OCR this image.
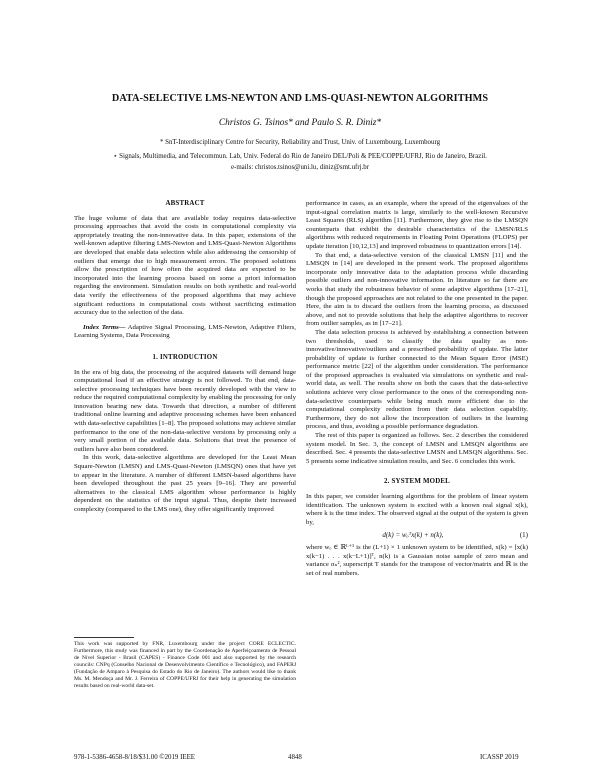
DATA-SELECTIVE LMS-NEWTON AND LMS-QUASI-NEWTON ALGORITHMS
Christos G. Tsinos* and Paulo S. R. Diniz*
* SnT-Interdisciplinary Centre for Security, Reliability and Trust, Univ. of Luxembourg, Luxembourg
⋆ Signals, Multimedia, and Telecommun. Lab, Univ. Federal do Rio de Janeiro DEL/Poli & PEE/COPPE/UFRJ, Rio de Janeiro, Brazil.
e-mails: christos.tsinos@uni.lu, diniz@smt.ufrj.br
ABSTRACT

The huge volume of data that are available today requires data-selective processing approaches that avoid the costs in computational complexity via appropriately treating the non-innovative data. In this paper, extensions of the well-known adaptive filtering LMS-Newton and LMS-Quasi-Newton Algorithms are developed that enable data selection while also addressing the censorship of outliers that emerge due to high measurement errors. The proposed solutions allow the prescription of how often the acquired data are expected to be incorporated into the learning process based on some a priori information regarding the environment. Simulation results on both synthetic and real-world data verify the effectiveness of the proposed algorithms that may achieve significant reductions in computational costs without sacrificing estimation accuracy due to the selection of the data.

Index Terms— Adaptive Signal Processing, LMS-Newton, Adaptive Filters, Learning Systems, Data Processing
1. INTRODUCTION

In the era of big data, the processing of the acquired datasets will demand huge computational load if an effective strategy is not followed. To that end, data-selective processing techniques have been recently developed with the view to reduce the required computational complexity by enabling the processing for only innovation bearing new data. Towards that direction, a number of different traditional online learning and adaptive processing schemes have been enhanced with data-selective capabilities [1–8]. The proposed solutions may achieve similar performance to the one of the non-data-selective versions by processing only a very small portion of the available data. Solutions that treat the presence of outliers have also been considered.

In this work, data-selective algorithms are developed for the Least Mean Square-Newton (LMSN) and LMS-Quasi-Newton (LMSQN) ones that have yet to appear in the literature. A number of different LMSN-based algorithms have been developed throughout the past 25 years [9–16]. They are powerful alternatives to the classical LMS algorithm whose performance is highly dependent on the statistics of the input signal. Thus, despite their increased complexity (compared to the LMS one), they offer significantly improved

This work was supported by FNR, Luxembourg under the project CORE ECLECTIC. Furthermore, this study was financed in part by the Coordenação de Aperfeiçoamento de Pessoal de Nível Superior - Brasil (CAPES) - Finance Code 001 and also supported by the research councils: CNPq (Conselho Nacional de Desenvolvimento Científico e Tecnológico), and FAPERJ (Fundação de Amparo à Pesquisa do Estado do Rio de Janeiro). The authors would like to thank Ms. M. Mendoça and Mr. J. Ferreira of COPPE/UFRJ for their help in generating the simulation results based on real-world data-set.

performance in cases, as an example, where the spread of the eigenvalues of the input-signal correlation matrix is large, similarly to the well-known Recursive Least Squares (RLS) algorithm [11]. Furthermore, they give rise to the LMSQN counterparts that exhibit the desirable characteristics of the LMSN/RLS algorithms with reduced requirements in Floating Point Operations (FLOPS) per update iteration [10,12,13] and improved robustness to quantization errors [14].

To that end, a data-selective version of the classical LMSN [11] and the LMSQN in [14] are developed in the present work. The proposed algorithms incorporate only innovative data to the adaptation process while discarding possible outliers and non-innovative information. In literature so far there are works that study the robustness behavior of some adaptive algorithms [17–21], though the proposed approaches are not related to the one presented in the paper. Here, the aim is to discard the outliers from the learning process, as discussed above, and not to provide solutions that help the adaptive algorithms to recover from outlier samples, as in [17–21].

The data selection process is achieved by establishing a connection between two thresholds, used to classify the data quality as non-innovative/innovative/outliers and a prescribed probability of update. The latter probability of update is further connected to the Mean Square Error (MSE) performance metric [22] of the algorithm under consideration. The performance of the proposed approaches is evaluated via simulations on synthetic and real-world data, as well. The results show on both the cases that the data-selective solutions achieve very close performance to the ones of the corresponding non-data-selective counterparts while being much more efficient due to the computational complexity reduction from their data selection capability. Furthermore, they do not allow the incorporation of outliers in the learning process, and thus, avoiding a possible performance degradation.

The rest of this paper is organized as follows. Sec. 2 describes the considered system model. In Sec. 3, the concept of LMSN and LMSQN algorithms are described. Sec. 4 presents the data-selective LMSN and LMSQN algorithms. Sec. 5 presents some indicative simulation results, and Sec. 6 concludes this work.

2. SYSTEM MODEL

In this paper, we consider learning algorithms for the problem of linear system identification. The unknown system is excited with a known real signal x(k), where k is the time index. The observed signal at the output of the system is given by,

d(k) = wₒᵀx(k) + n(k),	(1)

where wₒ ∈ ℝᴸ⁺¹ is the (L+1) × 1 unknown system to be identified, x(k) = [x(k) x(k−1) . . . x(k−L+1)]ᵀ, n(k) is a Gaussian noise sample of zero mean and variance σₙ², superscript T stands for the transpose of vector/matrix and ℝ is the set of real numbers.

978-1-5386-4658-8/18/$31.00 ©2019 IEEE	4848	ICASSP 2019
